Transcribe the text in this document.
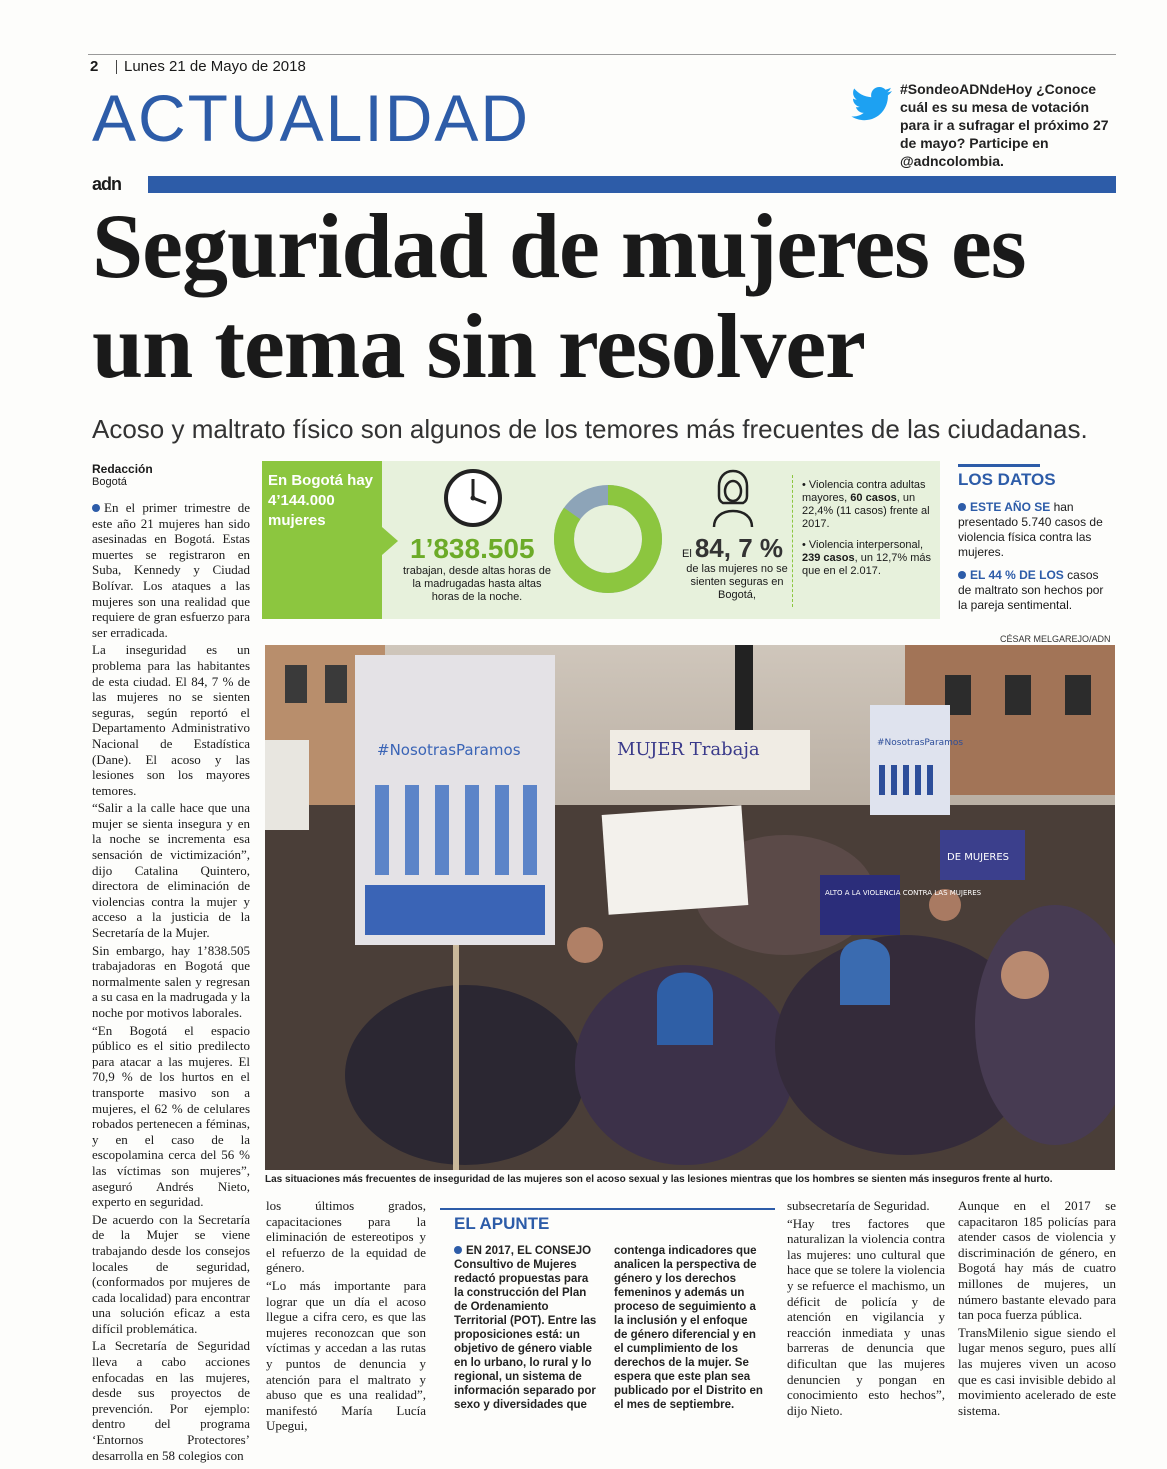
2 Lunes 21 de Mayo de 2018
ACTUALIDAD	#SondeoADNdeHoy ¿Conoce cuál es su mesa de votación para ir a sufragar el próximo 27 de mayo? Participe en @adncolombia.
adn
Seguridad de mujeres es un tema sin resolver
Acoso y maltrato físico son algunos de los temores más frecuentes de las ciudadanas.
Redacción
Bogotá

En el primer trimestre de este año 21 mujeres han sido asesinadas en Bogotá. Estas muertes se registraron en Suba, Kennedy y Ciudad Bolívar. Los ataques a las mujeres son una realidad que requiere de gran esfuerzo para ser erradicada.

La inseguridad es un problema para las habitantes de esta ciudad. El 84, 7 % de las mujeres no se sienten seguras, según reportó el Departamento Administrativo Nacional de Estadística (Dane). El acoso y las lesiones son los mayores temores.

“Salir a la calle hace que una mujer se sienta insegura y en la noche se incrementa esa sensación de victimización”, dijo Catalina Quintero, directora de eliminación de violencias contra la mujer y acceso a la justicia de la Secretaría de la Mujer.

Sin embargo, hay 1’838.505 trabajadoras en Bogotá que normalmente salen y regresan a su casa en la madrugada y la noche por motivos laborales.

“En Bogotá el espacio público es el sitio predilecto para atacar a las mujeres. El 70,9 % de los hurtos en el transporte masivo son a mujeres, el 62 % de celulares robados pertenecen a féminas, y en el caso de la escopolamina cerca del 56 % las víctimas son mujeres”, aseguró Andrés Nieto, experto en seguridad.

De acuerdo con la Secretaría de la Mujer se viene trabajando desde los consejos locales de seguridad, (conformados por mujeres de cada localidad) para encontrar una solución eficaz a esta difícil problemática.

La Secretaría de Seguridad lleva a cabo acciones enfocadas en las mujeres, desde sus proyectos de prevención. Por ejemplo: dentro del programa ‘Entornos Protectores’ desarrolla en 58 colegios con

En Bogotá hay 4’144.000 mujeres
1’838.505
trabajan, desde altas horas de la madrugadas hasta altas horas de la noche.
El 84, 7 %
de las mujeres no se sienten seguras en Bogotá,

• Violencia contra adultas mayores, 60 casos, un 22,4% (11 casos) frente al 2017.

• Violencia interpersonal, 239 casos, un 12,7% más que en el 2.017.

LOS DATOS

ESTE AÑO SE han presentado 5.740 casos de violencia física contra las mujeres.

EL 44 % DE LOS casos de maltrato son hechos por la pareja sentimental.

CÉSAR MELGAREJO/ADN
#NosotrasParamos	#NosotrasParamos
MUJER Trabaja
ALTO A LA VIOLENCIA CONTRA LAS MUJERES
DE MUJERES
Las situaciones más frecuentes de inseguridad de las mujeres son el acoso sexual y las lesiones mientras que los hombres se sienten más inseguros frente al hurto.

los últimos grados, capacitaciones para la eliminación de estereotipos y el refuerzo de la equidad de género.

“Lo más importante para lograr que un día el acoso llegue a cifra cero, es que las mujeres reconozcan que son víctimas y accedan a las rutas y puntos de denuncia y atención para el maltrato y abuso que es una realidad”, manifestó María Lucía Upegui,

EL APUNTE
EN 2017, EL CONSEJO Consultivo de Mujeres redactó propuestas para la construcción del Plan de Ordenamiento Territorial (POT). Entre las proposiciones está: un objetivo de género viable en lo urbano, lo rural y lo regional, un sistema de información separado por sexo y diversidades que
contenga indicadores que analicen la perspectiva de género y los derechos femeninos y además un proceso de seguimiento a la inclusión y el enfoque de género diferencial y en el cumplimiento de los derechos de la mujer. Se espera que este plan sea publicado por el Distrito en el mes de septiembre.

subsecretaría de Seguridad.

“Hay tres factores que naturalizan la violencia contra las mujeres: uno cultural que hace que se tolere la violencia y se refuerce el machismo, un déficit de policía y de atención en vigilancia y reacción inmediata y unas barreras de denuncia que dificultan que las mujeres denuncien y pongan en conocimiento esto hechos”, dijo Nieto.

Aunque en el 2017 se capacitaron 185 policías para atender casos de violencia y discriminación de género, en Bogotá hay más de cuatro millones de mujeres, un número bastante elevado para tan poca fuerza pública.

TransMilenio sigue siendo el lugar menos seguro, pues allí las mujeres viven un acoso que es casi invisible debido al movimiento acelerado de este sistema.
